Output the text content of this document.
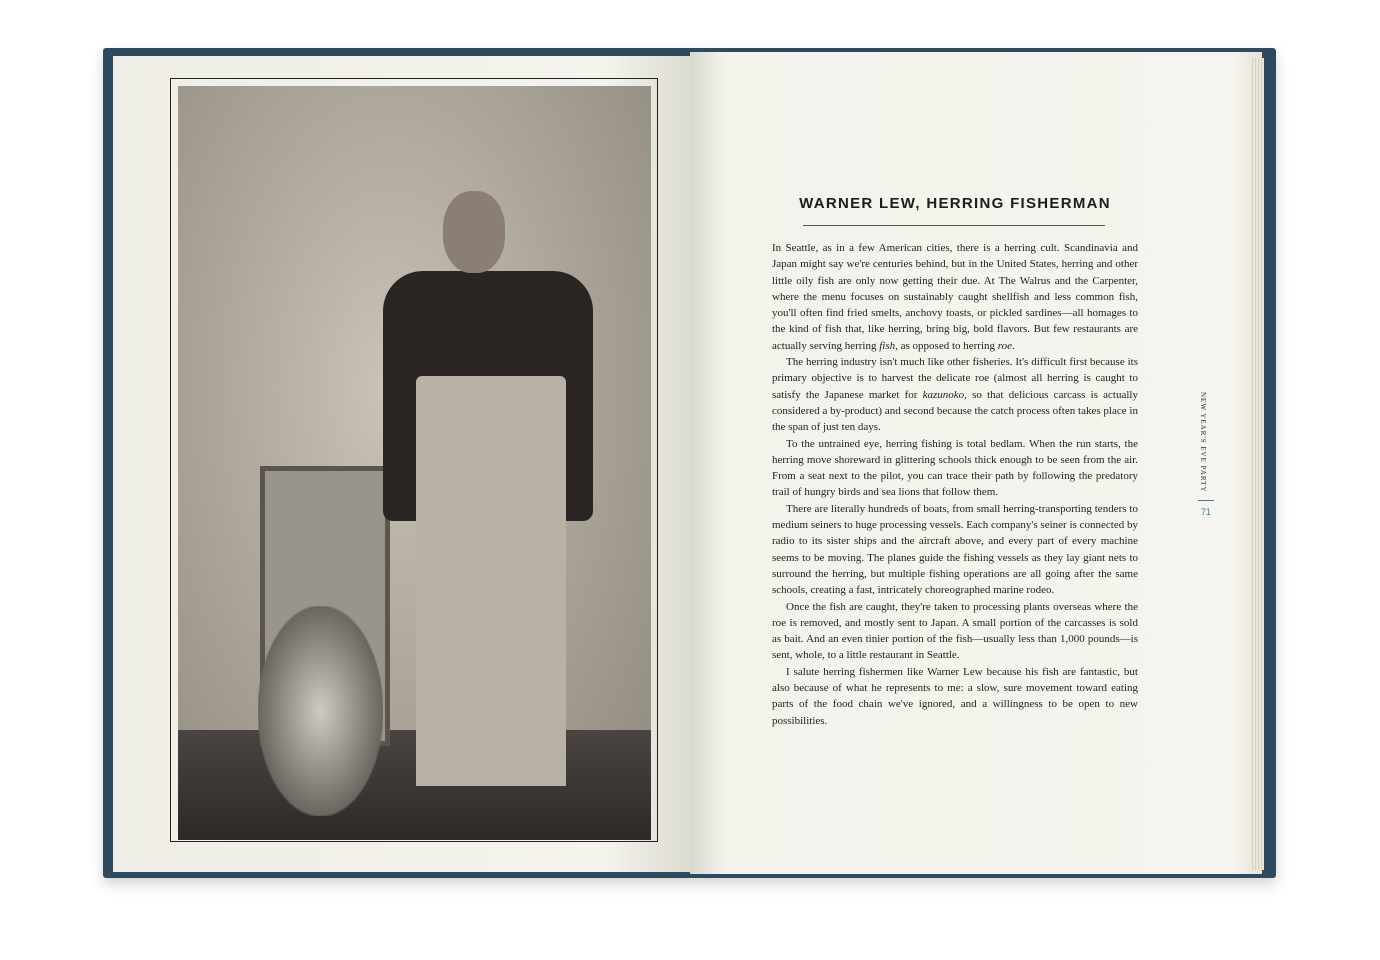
WARNER LEW, HERRING FISHERMAN

In Seattle, as in a few American cities, there is a herring cult. Scandinavia and Japan might say we're centuries behind, but in the United States, herring and other little oily fish are only now getting their due. At The Walrus and the Carpenter, where the menu focuses on sustainably caught shellfish and less common fish, you'll often find fried smelts, anchovy toasts, or pickled sardines—all homages to the kind of fish that, like herring, bring big, bold flavors. But few restaurants are actually serving herring fish, as opposed to herring roe.

The herring industry isn't much like other fisheries. It's difficult first because its primary objective is to harvest the delicate roe (almost all herring is caught to satisfy the Japanese market for kazunoko, so that delicious carcass is actually considered a by-product) and second because the catch process often takes place in the span of just ten days.

To the untrained eye, herring fishing is total bedlam. When the run starts, the herring move shoreward in glittering schools thick enough to be seen from the air. From a seat next to the pilot, you can trace their path by following the predatory trail of hungry birds and sea lions that follow them.

There are literally hundreds of boats, from small herring-transporting tenders to medium seiners to huge processing vessels. Each company's seiner is connected by radio to its sister ships and the aircraft above, and every part of every machine seems to be moving. The planes guide the fishing vessels as they lay giant nets to surround the herring, but multiple fishing operations are all going after the same schools, creating a fast, intricately choreographed marine rodeo.

Once the fish are caught, they're taken to processing plants overseas where the roe is removed, and mostly sent to Japan. A small portion of the carcasses is sold as bait. And an even tinier portion of the fish—usually less than 1,000 pounds—is sent, whole, to a little restaurant in Seattle.

I salute herring fishermen like Warner Lew because his fish are fantastic, but also because of what he represents to me: a slow, sure movement toward eating parts of the food chain we've ignored, and a willingness to be open to new possibilities.

NEW YEAR'S EVE PARTY
71
